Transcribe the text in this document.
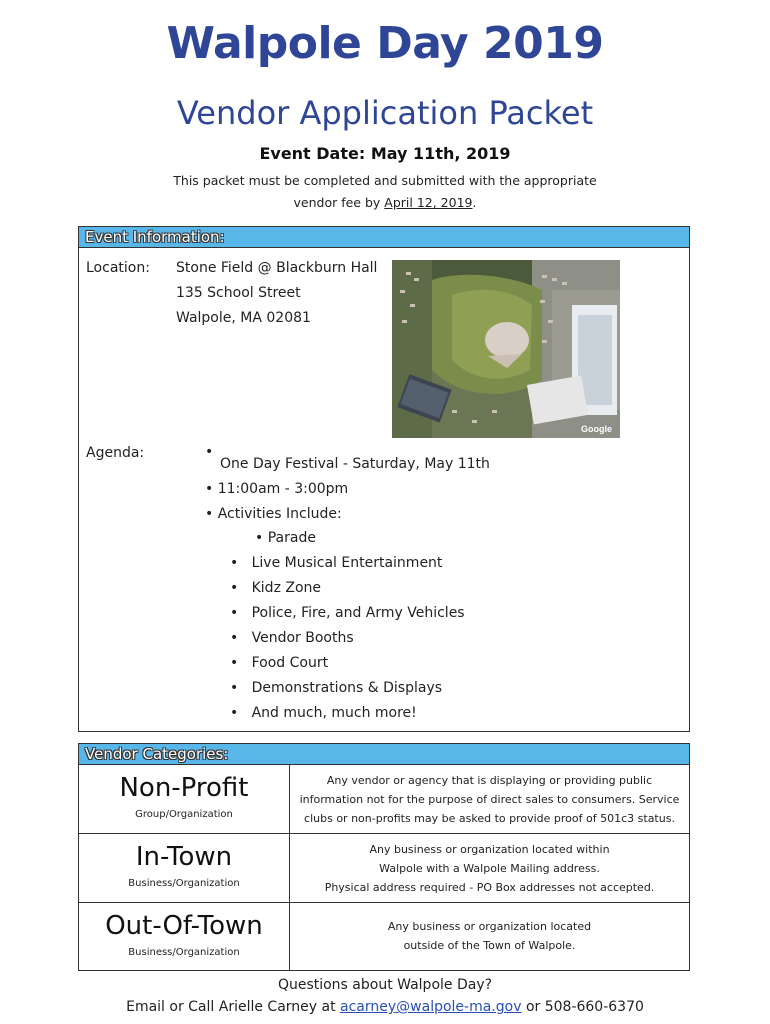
Walpole Day 2019
Vendor Application Packet
Event Date: May 11th, 2019
This packet must be completed and submitted with the appropriate
vendor fee by April 12, 2019.
Event Information:
Location: Stone Field @ Blackburn Hall
135 School Street
Walpole, MA 02081
Google
Agenda:	•
One Day Festival - Saturday, May 11th
• 11:00am - 3:00pm
• Activities Include:
• Parade
•   Live Musical Entertainment
•   Kidz Zone
•   Police, Fire, and Army Vehicles
•   Vendor Booths
•   Food Court
•   Demonstrations & Displays
•   And much, much more!
Vendor Categories:
Non-Profit
Group/Organization
Any vendor or agency that is displaying or providing public
information not for the purpose of direct sales to consumers. Service
clubs or non-profits may be asked to provide proof of 501c3 status.
In-Town
Business/Organization
Any business or organization located within
Walpole with a Walpole Mailing address.
Physical address required - PO Box addresses not accepted.
Out-Of-Town
Business/Organization
Any business or organization located
outside of the Town of Walpole.
Questions about Walpole Day?
Email or Call Arielle Carney at acarney@walpole-ma.gov or 508-660-6370
